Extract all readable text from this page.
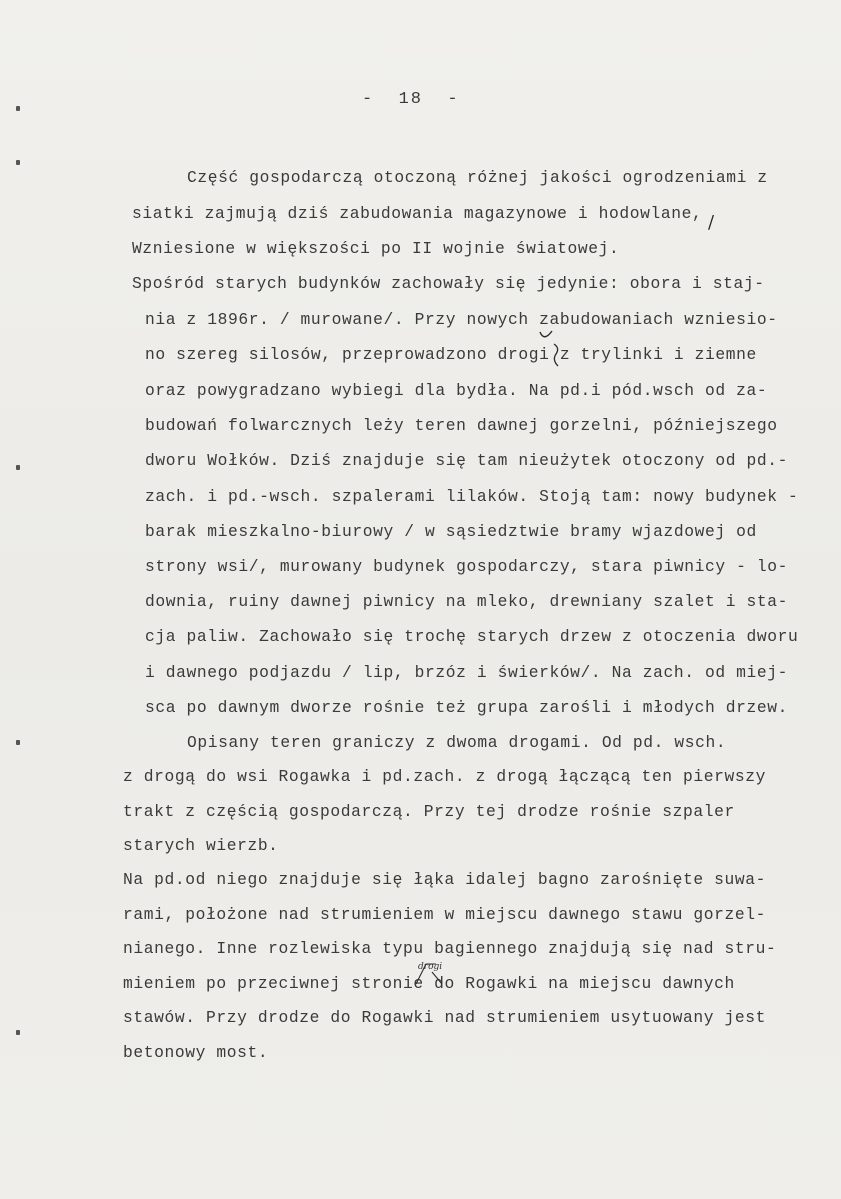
-  18  -
Część gospodarczą otoczoną różnej jakości ogrodzeniami z
siatki zajmują dziś zabudowania magazynowe i hodowlane,
Wzniesione w większości po II wojnie światowej.
Spośród starych budynków zachowały się jedynie: obora i staj-
nia z 1896r. / murowane/. Przy nowych zabudowaniach wzniesio-
no szereg silosów, przeprowadzono drogi z trylinki i ziemne
oraz powygradzano wybiegi dla bydła. Na pd.i pód.wsch od za-
budowań folwarcznych leży teren dawnej gorzelni, późniejszego
dworu Wołków. Dziś znajduje się tam nieużytek otoczony od pd.-
zach. i pd.-wsch. szpalerami lilaków. Stoją tam: nowy budynek -
barak mieszkalno-biurowy / w sąsiedztwie bramy wjazdowej od
strony wsi/, murowany budynek gospodarczy, stara piwnicy - lo-
downia, ruiny dawnej piwnicy na mleko, drewniany szalet i sta-
cja paliw. Zachowało się trochę starych drzew z otoczenia dworu
i dawnego podjazdu / lip, brzóz i świerków/. Na zach. od miej-
sca po dawnym dworze rośnie też grupa zarośli i młodych drzew.
Opisany teren graniczy z dwoma drogami. Od pd. wsch.
z drogą do wsi Rogawka i pd.zach. z drogą łączącą ten pierwszy
trakt z częścią gospodarczą. Przy tej drodze rośnie szpaler
starych wierzb.
Na pd.od niego znajduje się łąka idalej bagno zarośnięte suwa-
rami, położone nad strumieniem w miejscu dawnego stawu gorzel-
nianego. Inne rozlewiska typu bagiennego znajdują się nad stru-
mieniem po przeciwnej stronie do Rogawki na miejscu dawnych
stawów. Przy drodze do Rogawki nad strumieniem usytuowany jest
betonowy most.
/
drogi
